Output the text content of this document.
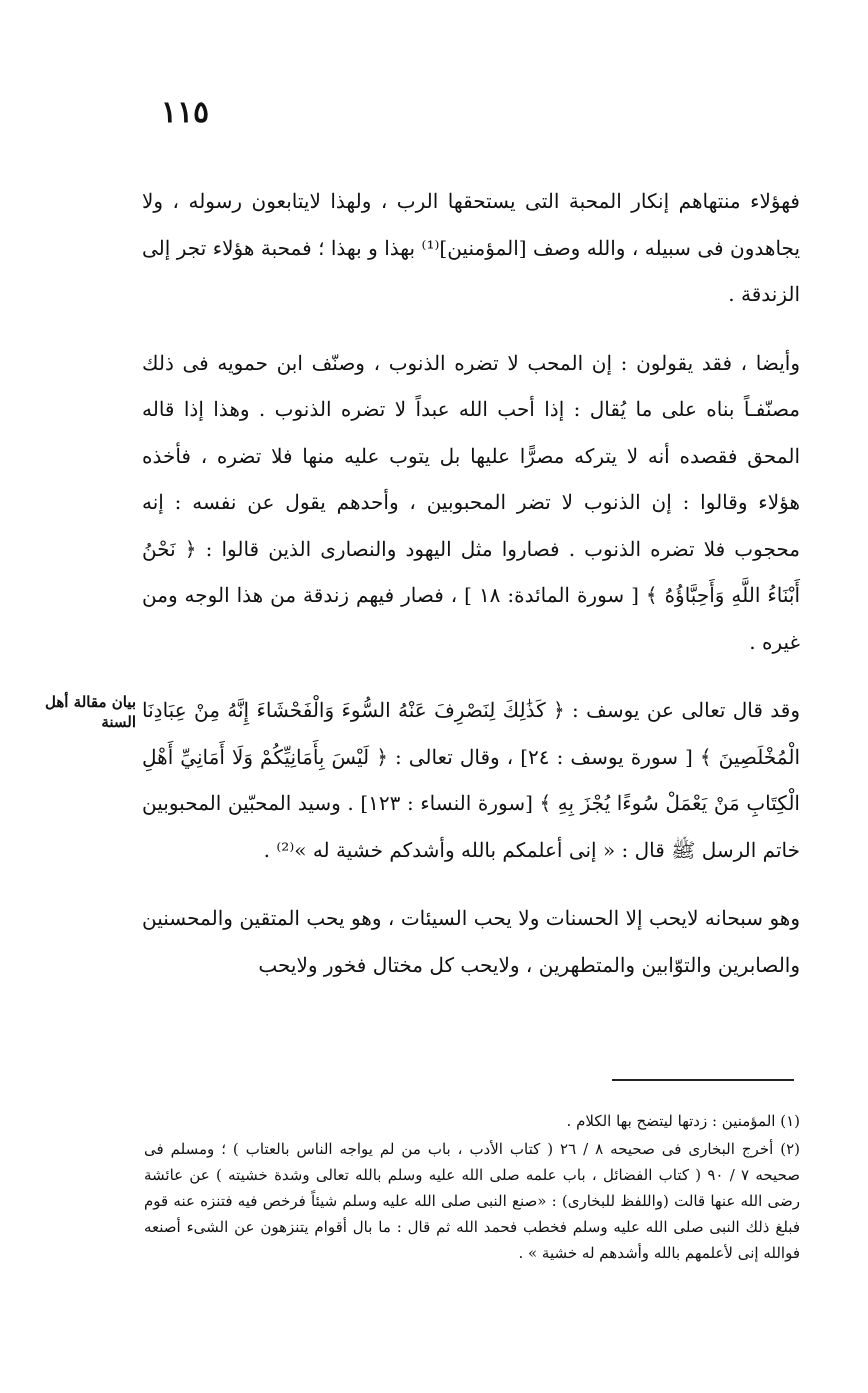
١١٥

فهؤلاء منتهاهم إنكار المحبة التى يستحقها الرب ، ولهذا لايتابعون رسوله ، ولا يجاهدون فى سبيله ، والله وصف [المؤمنين]⁽¹⁾ بهذا و بهذا ؛ فمحبة هؤلاء تجر إلى الزندقة .

وأيضا ، فقد يقولون : إن المحب لا تضره الذنوب ، وصنّف ابن حمويه فى ذلك مصنّفـاً بناه على ما يُقال : إذا أحب الله عبداً لا تضره الذنوب . وهذا إذا قاله المحق فقصده أنه لا يتركه مصرًّا عليها بل يتوب عليه منها فلا تضره ، فأخذه هؤلاء وقالوا : إن الذنوب لا تضر المحبوبين ، وأحدهم يقول عن نفسه : إنه محجوب فلا تضره الذنوب . فصاروا مثل اليهود والنصارى الذين قالوا : ﴿ نَحْنُ أَبْنَاءُ اللَّهِ وَأَحِبَّاؤُهُ ﴾ [ سورة المائدة: ١٨ ] ، فصار فيهم زندقة من هذا الوجه ومن غيره .

وقد قال تعالى عن يوسف : ﴿ كَذَٰلِكَ لِنَصْرِفَ عَنْهُ السُّوءَ وَالْفَحْشَاءَ إِنَّهُ مِنْ عِبَادِنَا الْمُخْلَصِينَ ﴾ [ سورة يوسف : ٢٤] ، وقال تعالى : ﴿ لَيْسَ بِأَمَانِيِّكُمْ وَلَا أَمَانِيِّ أَهْلِ الْكِتَابِ مَنْ يَعْمَلْ سُوءًا يُجْزَ بِهِ ﴾ [سورة النساء : ١٢٣] . وسيد المحبّين المحبوبين خاتم الرسل ﷺ قال : « إنى أعلمكم بالله وأشدكم خشية له »⁽²⁾ .

وهو سبحانه لايحب إلا الحسنات ولا يحب السيئات ، وهو يحب المتقين والمحسنين والصابرين والتوّابين والمتطهرين ، ولايحب كل مختال فخور ولايحب

بيان مقالة أهل السنة

(١) المؤمنين : زدتها ليتضح بها الكلام .

(٢) أخرج البخارى فى صحيحه ٨ / ٢٦ ( كتاب الأدب ، باب من لم يواجه الناس بالعتاب ) ؛ ومسلم فى صحيحه ٧ / ٩٠ ( كتاب الفضائل ، باب علمه صلى الله عليه وسلم بالله تعالى وشدة خشيته ) عن عائشة رضى الله عنها قالت (واللفظ للبخارى) : «صنع النبى صلى الله عليه وسلم شيئاً فرخص فيه فتنزه عنه قوم فبلغ ذلك النبى صلى الله عليه وسلم فخطب فحمد الله ثم قال : ما بال أقوام يتنزهون عن الشىء أصنعه فوالله إنى لأعلمهم بالله وأشدهم له خشية » .
